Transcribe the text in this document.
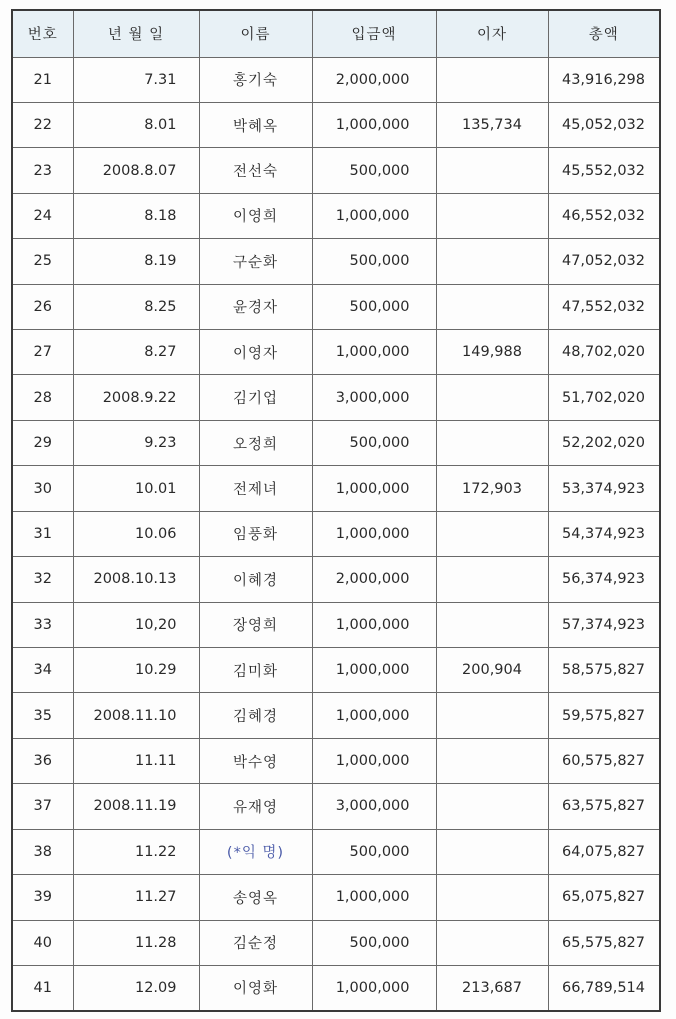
번호	년 월 일	이름	입금액	이자	총액
21	7.31	홍기숙	2,000,000		43,916,298
22	8.01	박혜옥	1,000,000	135,734	45,052,032
23	2008.8.07	전선숙	500,000		45,552,032
24	8.18	이영희	1,000,000		46,552,032
25	8.19	구순화	500,000		47,052,032
26	8.25	윤경자	500,000		47,552,032
27	8.27	이영자	1,000,000	149,988	48,702,020
28	2008.9.22	김기업	3,000,000		51,702,020
29	9.23	오정희	500,000		52,202,020
30	10.01	전제녀	1,000,000	172,903	53,374,923
31	10.06	임풍화	1,000,000		54,374,923
32	2008.10.13	이혜경	2,000,000		56,374,923
33	10,20	장영희	1,000,000		57,374,923
34	10.29	김미화	1,000,000	200,904	58,575,827
35	2008.11.10	김혜경	1,000,000		59,575,827
36	11.11	박수영	1,000,000		60,575,827
37	2008.11.19	유재영	3,000,000		63,575,827
38	11.22	(*익 명)	500,000		64,075,827
39	11.27	송영옥	1,000,000		65,075,827
40	11.28	김순정	500,000		65,575,827
41	12.09	이영화	1,000,000	213,687	66,789,514
